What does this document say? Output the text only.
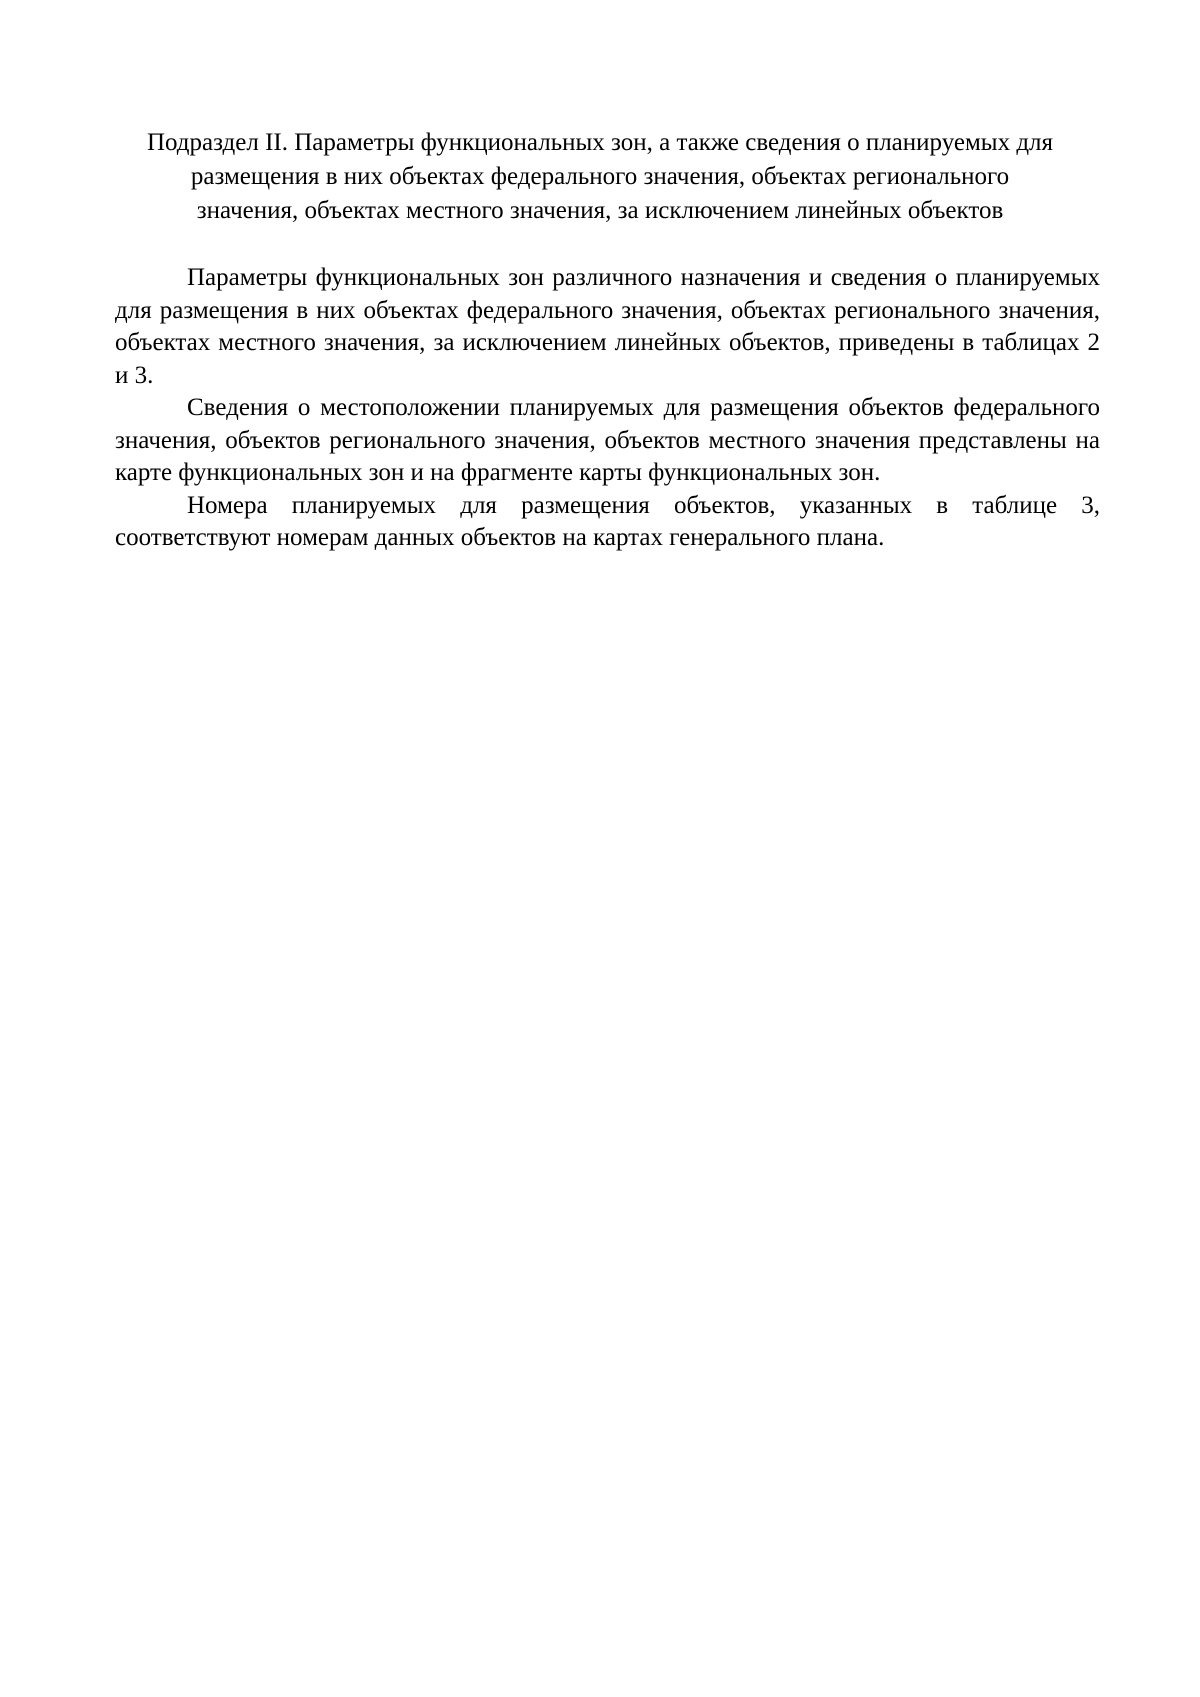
Подраздел II. Параметры функциональных зон, а также сведения о планируемых для
размещения в них объектах федерального значения, объектах регионального
значения, объектах местного значения, за исключением линейных объектов

Параметры функциональных зон различного назначения и сведения о планируемых для размещения в них объектах федерального значения, объектах регионального значения, объектах местного значения, за исключением линейных объектов, приведены в таблицах 2 и 3.

Сведения о местоположении планируемых для размещения объектов федерального значения, объектов регионального значения, объектов местного значения представлены на карте функциональных зон и на фрагменте карты функциональных зон.

Номера планируемых для размещения объектов, указанных в таблице 3, соответствуют номерам данных объектов на картах генерального плана.
